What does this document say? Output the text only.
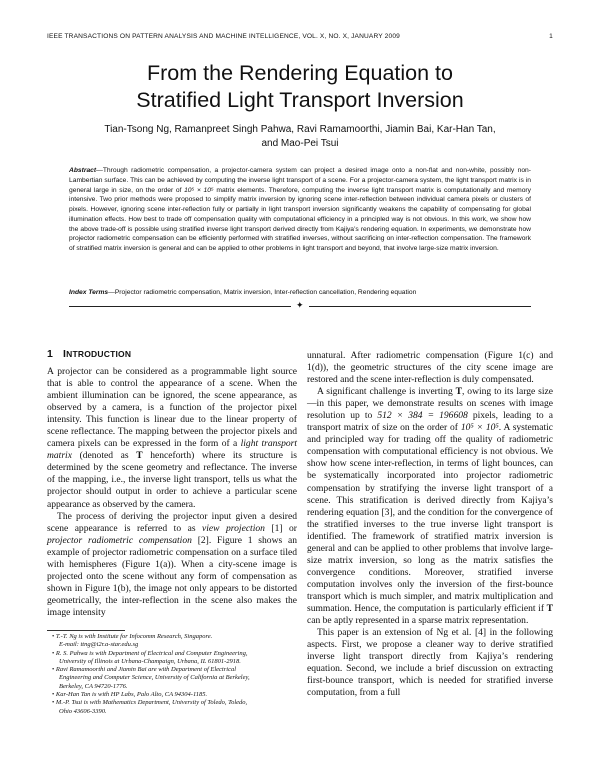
IEEE TRANSACTIONS ON PATTERN ANALYSIS AND MACHINE INTELLIGENCE, VOL. X, NO. X, JANUARY 2009	1
From the Rendering Equation to
Stratified Light Transport Inversion
Tian-Tsong Ng, Ramanpreet Singh Pahwa, Ravi Ramamoorthi, Jiamin Bai, Kar-Han Tan,
and Mao-Pei Tsui
Abstract—Through radiometric compensation, a projector-camera system can project a desired image onto a non-flat and non-white, possibly non-Lambertian surface. This can be achieved by computing the inverse light transport of a scene. For a projector-camera system, the light transport matrix is in general large in size, on the order of 10⁵ × 10⁵ matrix elements. Therefore, computing the inverse light transport matrix is computationally and memory intensive. Two prior methods were proposed to simplify matrix inversion by ignoring scene inter-reflection between individual camera pixels or clusters of pixels. However, ignoring scene inter-reflection fully or partially in light transport inversion significantly weakens the capability of compensating for global illumination effects. How best to trade off compensation quality with computational efficiency in a principled way is not obvious. In this work, we show how the above trade-off is possible using stratified inverse light transport derived directly from Kajiya’s rendering equation. In experiments, we demonstrate how projector radiometric compensation can be efficiently performed with stratified inverses, without sacrificing on inter-reflection compensation. The framework of stratified matrix inversion is general and can be applied to other problems in light transport and beyond, that involve large-size matrix inversion.
Index Terms—Projector radiometric compensation, Matrix inversion, Inter-reflection cancellation, Rendering equation
✦
1 INTRODUCTION

A projector can be considered as a programmable light source that is able to control the appearance of a scene. When the ambient illumination can be ignored, the scene appearance, as observed by a camera, is a function of the projector pixel intensity. This function is linear due to the linear property of scene reflectance. The mapping between the projector pixels and camera pixels can be expressed in the form of a light transport matrix (denoted as T henceforth) where its structure is determined by the scene geometry and reflectance. The inverse of the mapping, i.e., the inverse light transport, tells us what the projector should output in order to achieve a particular scene appearance as observed by the camera.

The process of deriving the projector input given a desired scene appearance is referred to as view projection [1] or projector radiometric compensation [2]. Figure 1 shows an example of projector radiometric compensation on a surface tiled with hemispheres (Figure 1(a)). When a city-scene image is projected onto the scene without any form of compensation as shown in Figure 1(b), the image not only appears to be distorted geometrically, the inter-reflection in the scene also makes the image intensity

• T.-T. Ng is with Institute for Infocomm Research, Singapore.
E-mail: ttng@i2r.a-star.edu.sg
• R. S. Pahwa is with Department of Electrical and Computer Engineering,
University of Illinois at Urbana-Champaign, Urbana, IL 61801-2918.
• Ravi Ramamoorthi and Jiamin Bai are with Department of Electrical
Engineering and Computer Science, University of California at Berkeley,
Berkeley, CA 94720-1776.
• Kar-Han Tan is with HP Labs, Palo Alto, CA 94304-1185.
• M.-P. Tsui is with Mathematics Department, University of Toledo, Toledo,
Ohio 43606-3390.

unnatural. After radiometric compensation (Figure 1(c) and 1(d)), the geometric structures of the city scene image are restored and the scene inter-reflection is duly compensated.

A significant challenge is inverting T, owing to its large size—in this paper, we demonstrate results on scenes with image resolution up to 512 × 384 = 196608 pixels, leading to a transport matrix of size on the order of 10⁵ × 10⁵. A systematic and principled way for trading off the quality of radiometric compensation with computational efficiency is not obvious. We show how scene inter-reflection, in terms of light bounces, can be systematically incorporated into projector radiometric compensation by stratifying the inverse light transport of a scene. This stratification is derived directly from Kajiya’s rendering equation [3], and the condition for the convergence of the stratified inverses to the true inverse light transport is identified. The framework of stratified matrix inversion is general and can be applied to other problems that involve large-size matrix inversion, so long as the matrix satisfies the convergence conditions. Moreover, stratified inverse computation involves only the inversion of the first-bounce transport which is much simpler, and matrix multiplication and summation. Hence, the computation is particularly efficient if T can be aptly represented in a sparse matrix representation.

This paper is an extension of Ng et al. [4] in the following aspects. First, we propose a cleaner way to derive stratified inverse light transport directly from Kajiya’s rendering equation. Second, we include a brief discussion on extracting first-bounce transport, which is needed for stratified inverse computation, from a full
